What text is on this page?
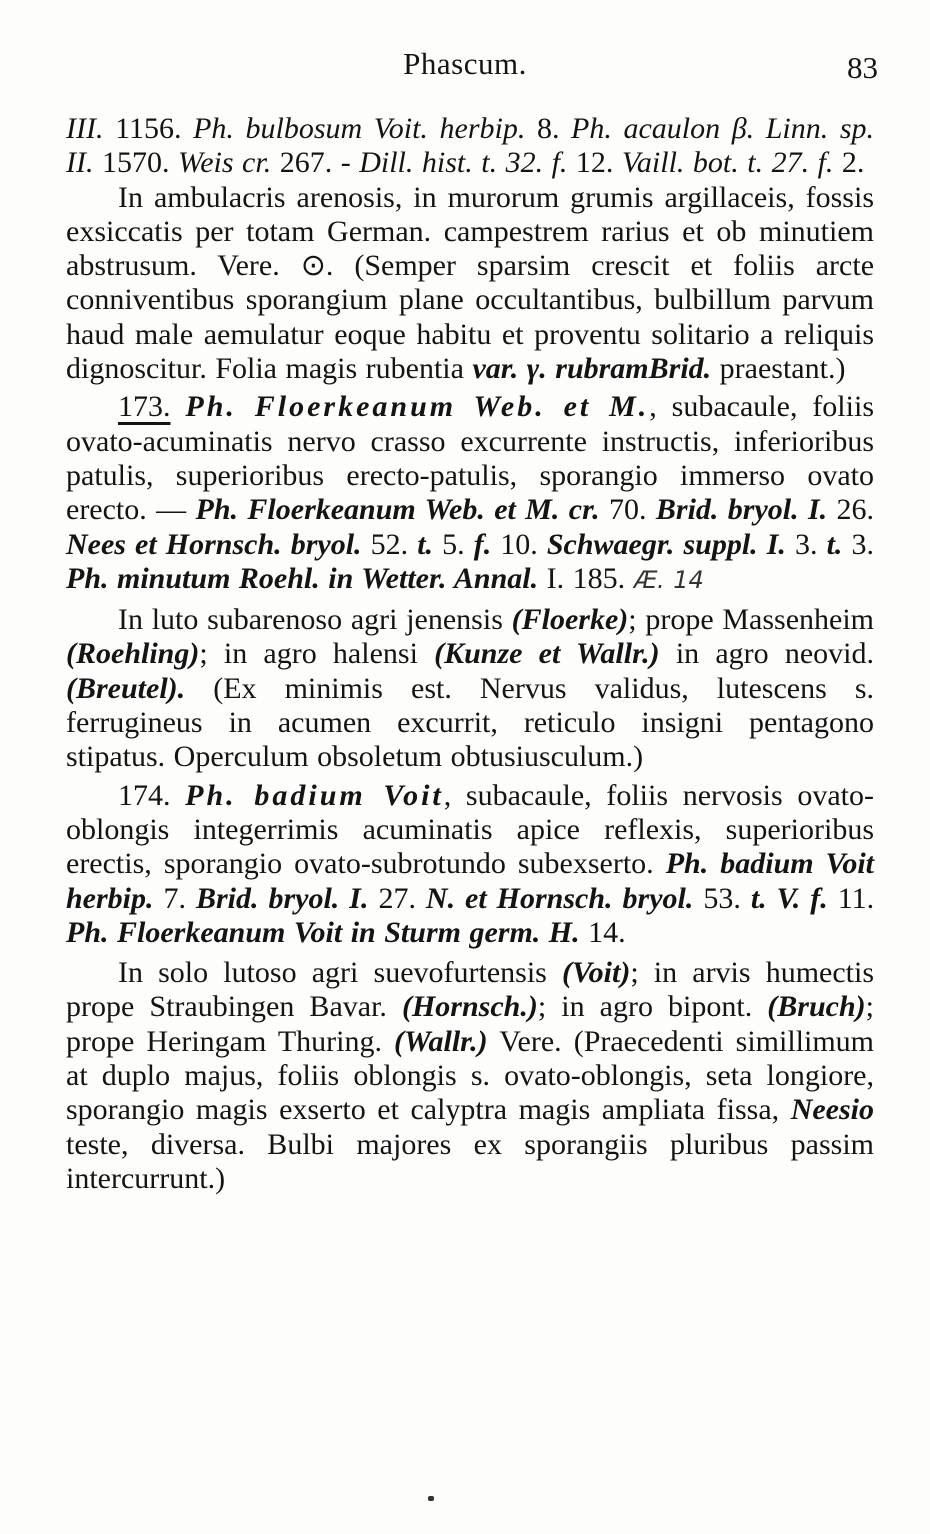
Phascum.	83

III. 1156. Ph. bulbosum Voit. herbip. 8. Ph. acaulon β. Linn. sp. II. 1570. Weis cr. 267. - Dill. hist. t. 32. f. 12. Vaill. bot. t. 27. f. 2.

In ambulacris arenosis, in murorum grumis argillaceis, fossis exsiccatis per totam German. campestrem rarius et ob minutiem abstrusum. Vere. ⊙. (Semper sparsim crescit et foliis arcte conniventibus sporangium plane occultantibus, bulbillum parvum haud male aemulatur eoque habitu et proventu solitario a reliquis dignoscitur. Folia magis rubentia var. γ. rubramBrid. praestant.)

173. Ph. Floerkeanum Web. et M., subacaule, foliis ovato-acuminatis nervo crasso excurrente instructis, inferioribus patulis, superioribus erecto-patulis, sporangio immerso ovato erecto. — Ph. Floerkeanum Web. et M. cr. 70. Brid. bryol. I. 26. Nees et Hornsch. bryol. 52. t. 5. f. 10. Schwaegr. suppl. I. 3. t. 3. Ph. minutum Roehl. in Wetter. Annal. I. 185. Æ. 14

In luto subarenoso agri jenensis (Floerke); prope Massenheim (Roehling); in agro halensi (Kunze et Wallr.) in agro neovid. (Breutel). (Ex minimis est. Nervus validus, lutescens s. ferrugineus in acumen excurrit, reticulo insigni pentagono stipatus. Operculum obsoletum obtusiusculum.)

174. Ph. badium Voit, subacaule, foliis nervosis ovato-oblongis integerrimis acuminatis apice reflexis, superioribus erectis, sporangio ovato-subrotundo subexserto. Ph. badium Voit herbip. 7. Brid. bryol. I. 27. N. et Hornsch. bryol. 53. t. V. f. 11. Ph. Floerkeanum Voit in Sturm germ. H. 14.

In solo lutoso agri suevofurtensis (Voit); in arvis humectis prope Straubingen Bavar. (Hornsch.); in agro bipont. (Bruch); prope Heringam Thuring. (Wallr.) Vere. (Praecedenti simillimum at duplo majus, foliis oblongis s. ovato-oblongis, seta longiore, sporangio magis exserto et calyptra magis ampliata fissa, Neesio teste, diversa. Bulbi majores ex sporangiis pluribus passim intercurrunt.)
